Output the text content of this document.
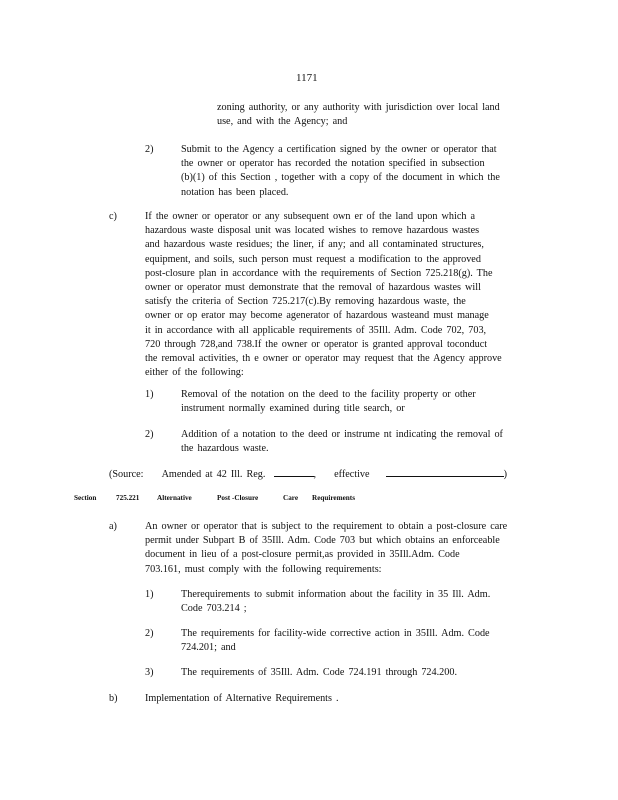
1171
zoning authority, or any authority with jurisdiction over local land
use, and with the Agency; and
2)	Submit to the Agency a certification signed by the owner or operator that
the owner or operator has recorded the notation specified in subsection
(b)(1) of this Section , together with a copy of the document in which the
notation has been placed.
c)	If the owner or operator or any subsequent own er of the land upon which a
hazardous waste disposal unit was located wishes to remove hazardous wastes
and hazardous waste residues; the liner, if any; and all contaminated structures,
equipment, and soils, such person must request a modification to the approved
post-closure plan in accordance with the requirements of Section 725.218(g). The
owner or operator must demonstrate that the removal of hazardous wastes will
satisfy the criteria of Section 725.217(c).By removing hazardous waste, the
owner or op erator may become agenerator of hazardous wasteand must manage
it in accordance with all applicable requirements of 35Ill. Adm. Code 702, 703,
720 through 728,and 738.If the owner or operator is granted approval toconduct
the removal activities, th e owner or operator may request that the Agency approve
either of the following:
1)	Removal of the notation on the deed to the facility property or other
instrument normally examined during title search, or
2)	Addition of a notation to the deed or instrume nt indicating the removal of
the hazardous waste.
(Source: Amended at 42 Ill. Reg.	, effective	)
Section	725.221 Alternative	Post -Closure	Care Requirements
a)	An owner or operator that is subject to the requirement to obtain a post-closure care
permit under Subpart B of 35Ill. Adm. Code 703 but which obtains an enforceable
document in lieu of a post-closure permit,as provided in 35Ill.Adm. Code
703.161, must comply with the following requirements:
1)	Therequirements to submit information about the facility in 35 Ill. Adm.
Code 703.214 ;
2)	The requirements for facility-wide corrective action in 35Ill. Adm. Code
724.201; and
3)	The requirements of 35Ill. Adm. Code 724.191 through 724.200.
b)	Implementation of Alternative Requirements .
